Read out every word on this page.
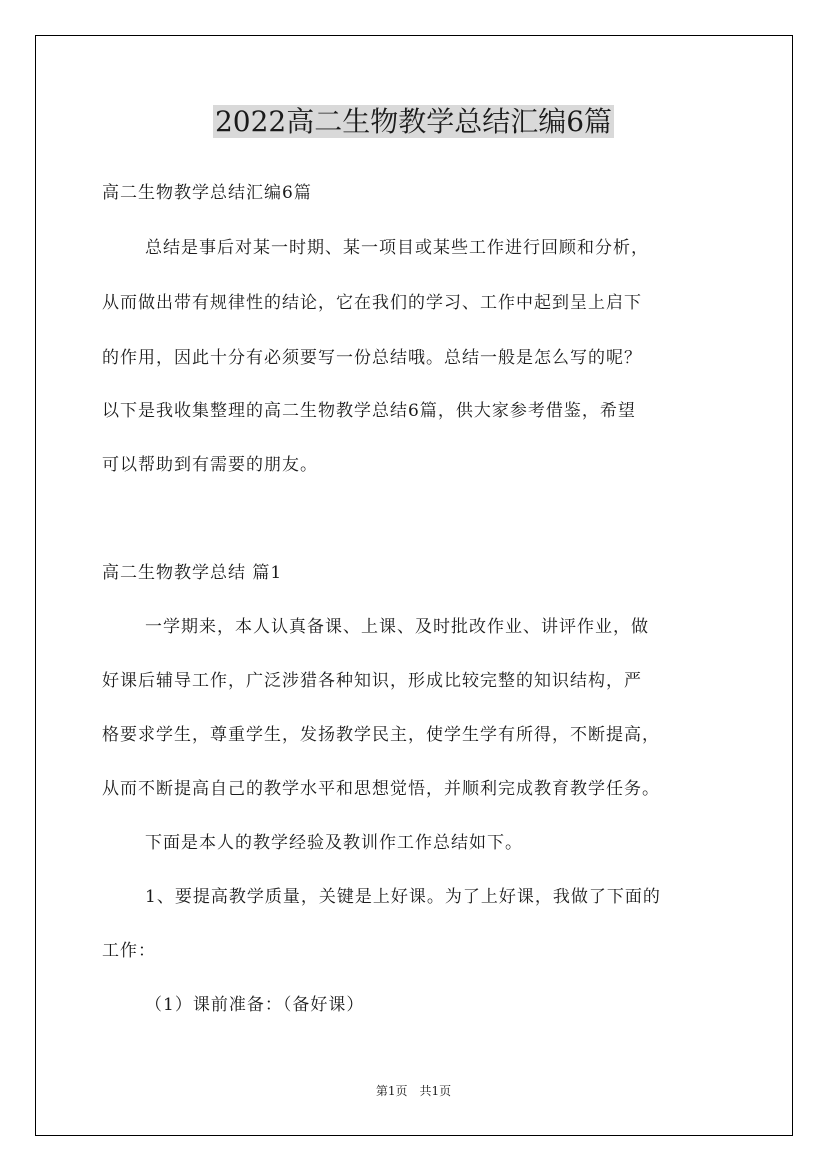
2022高二生物教学总结汇编6篇
高二生物教学总结汇编6篇
总结是事后对某一时期、某一项目或某些工作进行回顾和分析，
从而做出带有规律性的结论，它在我们的学习、工作中起到呈上启下
的作用，因此十分有必须要写一份总结哦。总结一般是怎么写的呢？
以下是我收集整理的高二生物教学总结6篇，供大家参考借鉴，希望
可以帮助到有需要的朋友。
高二生物教学总结 篇1
一学期来，本人认真备课、上课、及时批改作业、讲评作业，做
好课后辅导工作，广泛涉猎各种知识，形成比较完整的知识结构，严
格要求学生，尊重学生，发扬教学民主，使学生学有所得，不断提高，
从而不断提高自己的教学水平和思想觉悟，并顺利完成教育教学任务。
下面是本人的教学经验及教训作工作总结如下。
1、要提高教学质量，关键是上好课。为了上好课，我做了下面的
工作：
（1）课前准备：（备好课）
第1页　共1页
